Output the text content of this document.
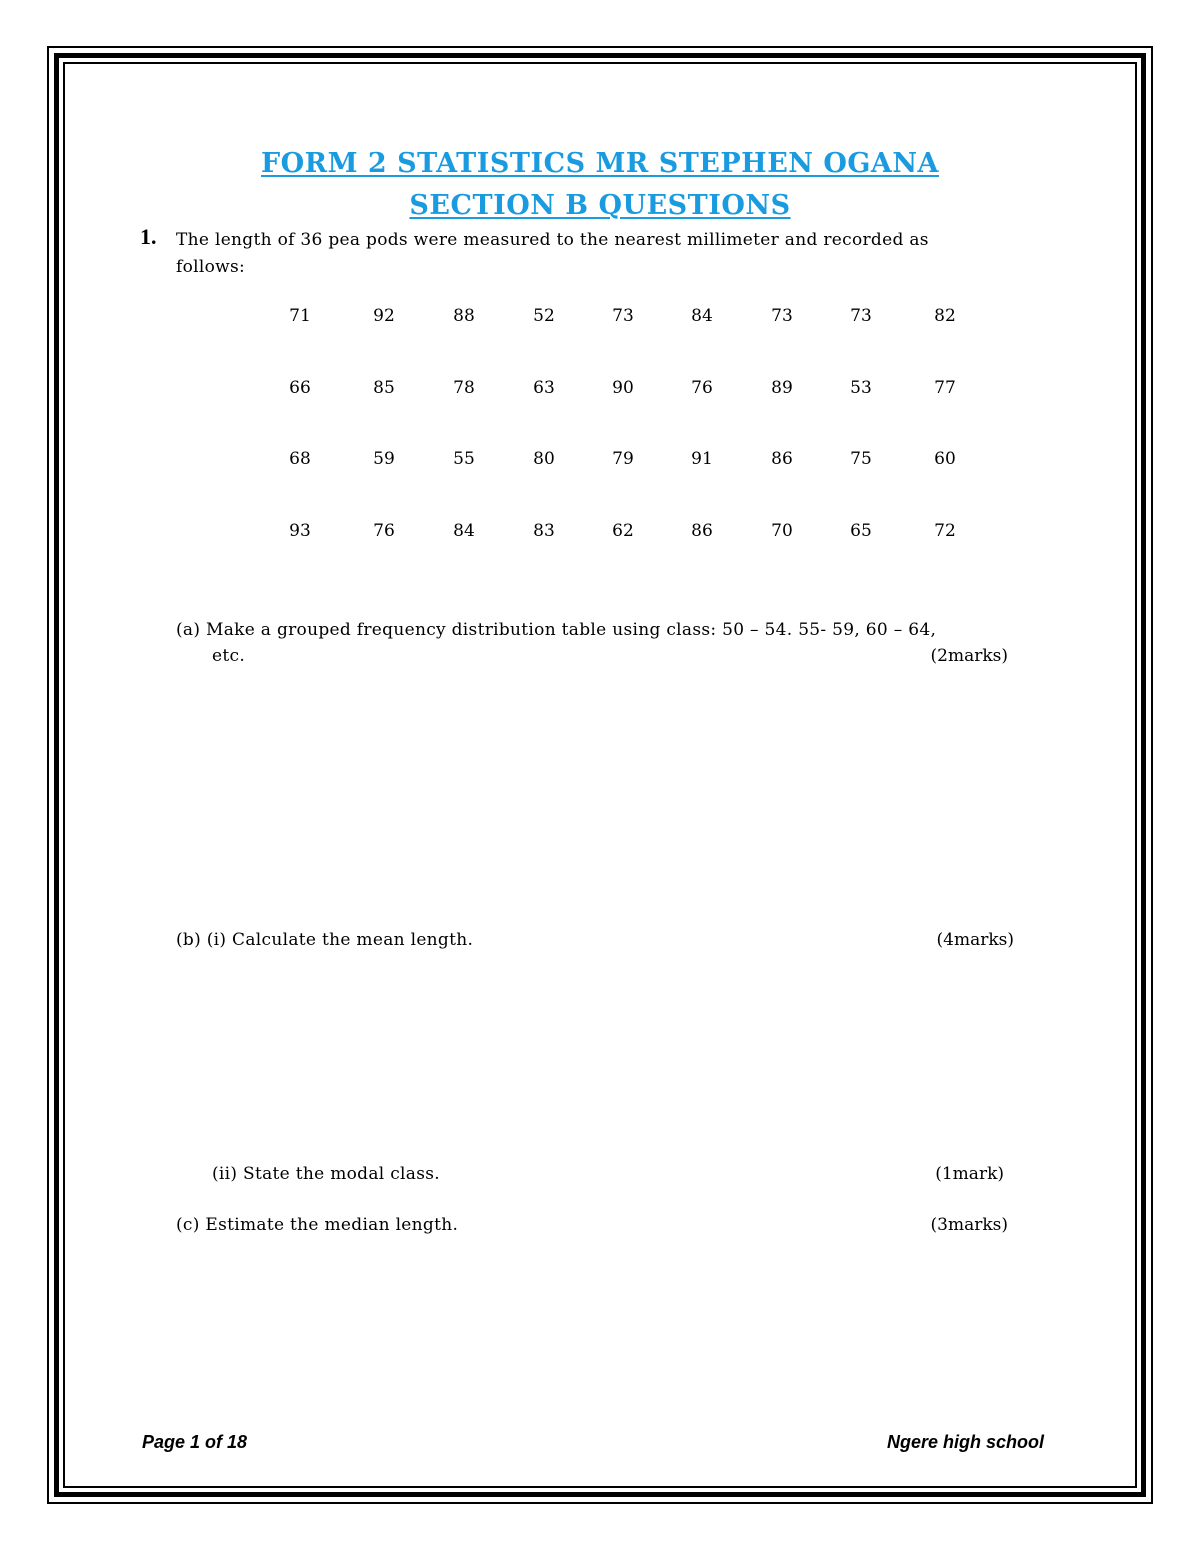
FORM 2 STATISTICS MR STEPHEN OGANA
SECTION B QUESTIONS
1. The length of 36 pea pods were measured to the nearest millimeter and recorded as
follows:
71	92	88	52	73	84	73	73	82
66	85	78	63	90	76	89	53	77
68	59	55	80	79	91	86	75	60
93	76	84	83	62	86	70	65	72
(a) Make a grouped frequency distribution table using class: 50 – 54. 55- 59, 60 – 64,
etc.	(2marks)
(b) (i) Calculate the mean length.	(4marks)
(ii) State the modal class.	(1mark)
(c) Estimate the median length.	(3marks)
Page 1 of 18	Ngere high school
